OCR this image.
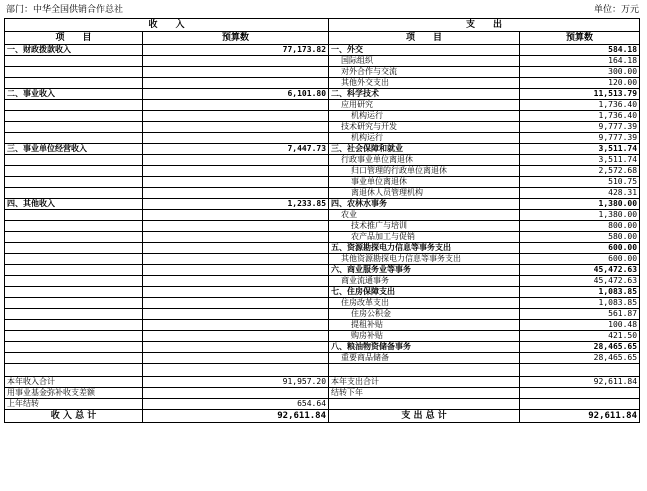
部门：中华全国供销合作总社	单位：万元
收　　入		支　　出	
项　　目	预算数	项　　目	预算数
一、财政拨款收入	77,173.82	一、外交	584.18
		国际组织	164.18
		对外合作与交流	300.00
		其他外交支出	120.00
二、事业收入	6,101.80	二、科学技术	11,513.79
		应用研究	1,736.40
		机构运行	1,736.40
		技术研究与开发	9,777.39
		机构运行	9,777.39
三、事业单位经营收入	7,447.73	三、社会保障和就业	3,511.74
		行政事业单位离退休	3,511.74
		归口管理的行政单位离退休	2,572.68
		事业单位离退休	510.75
		离退休人员管理机构	428.31
四、其他收入	1,233.85	四、农林水事务	1,380.00
		农业	1,380.00
		技术推广与培训	800.00
		农产品加工与促销	580.00
		五、资源勘探电力信息等事务支出	600.00
		其他资源勘探电力信息等事务支出	600.00
		六、商业服务业等事务	45,472.63
		商业流通事务	45,472.63
		七、住房保障支出	1,083.85
		住房改革支出	1,083.85
		住房公积金	561.87
		提租补贴	100.48
		购房补贴	421.50
		八、粮油物资储备事务	28,465.65
		重要商品储备	28,465.65

本年收入合计	91,957.20	本年支出合计	92,611.84
用事业基金弥补收支差额		结转下年	
上年结转	654.64		
收 入 总 计	92,611.84	支 出 总 计	92,611.84
